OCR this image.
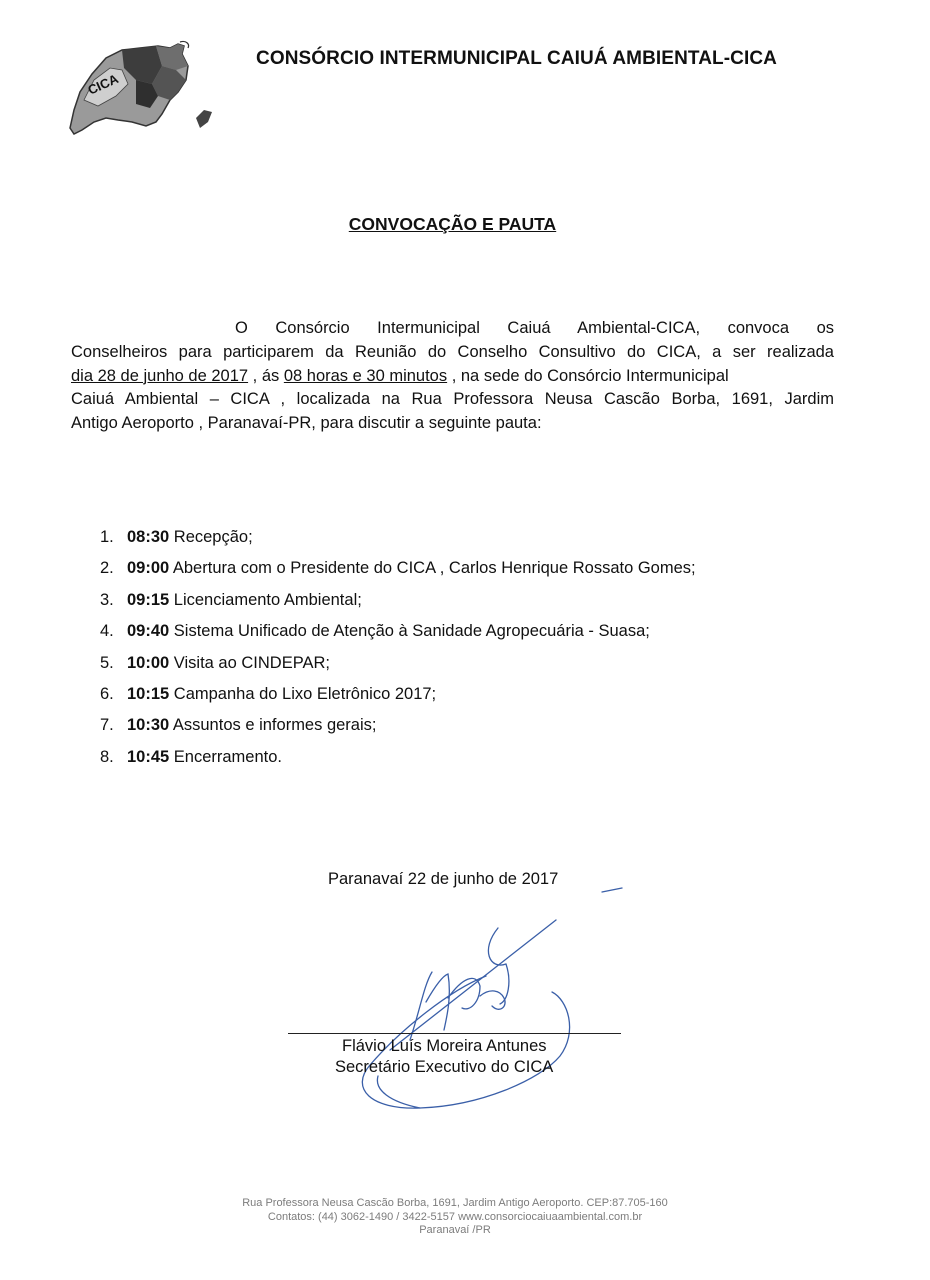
CICA
CONSÓRCIO INTERMUNICIPAL CAIUÁ AMBIENTAL-CICA
CONVOCAÇÃO E PAUTA
O Consórcio Intermunicipal Caiuá Ambiental-CICA, convoca os
Conselheiros para participarem da Reunião do Conselho Consultivo do CICA, a ser realizada
dia 28 de junho de 2017 , ás 08 horas e 30 minutos , na sede do Consórcio Intermunicipal
Caiuá Ambiental – CICA , localizada na Rua Professora Neusa Cascão Borba, 1691, Jardim
Antigo Aeroporto , Paranavaí-PR, para discutir a seguinte pauta:
1. 08:30 Recepção;
2. 09:00 Abertura com o Presidente do CICA , Carlos Henrique Rossato Gomes;
3. 09:15 Licenciamento Ambiental;
4. 09:40 Sistema Unificado de Atenção à Sanidade Agropecuária - Suasa;
5. 10:00 Visita ao CINDEPAR;
6. 10:15 Campanha do Lixo Eletrônico 2017;
7. 10:30 Assuntos e informes gerais;
8. 10:45 Encerramento.
Paranavaí 22 de junho de 2017
Flávio Luís Moreira Antunes
Secretário Executivo do CICA
Rua Professora Neusa Cascão Borba, 1691, Jardim Antigo Aeroporto. CEP:87.705-160
Contatos: (44) 3062-1490 / 3422-5157 www.consorciocaiuaambiental.com.br
Paranavaí /PR
